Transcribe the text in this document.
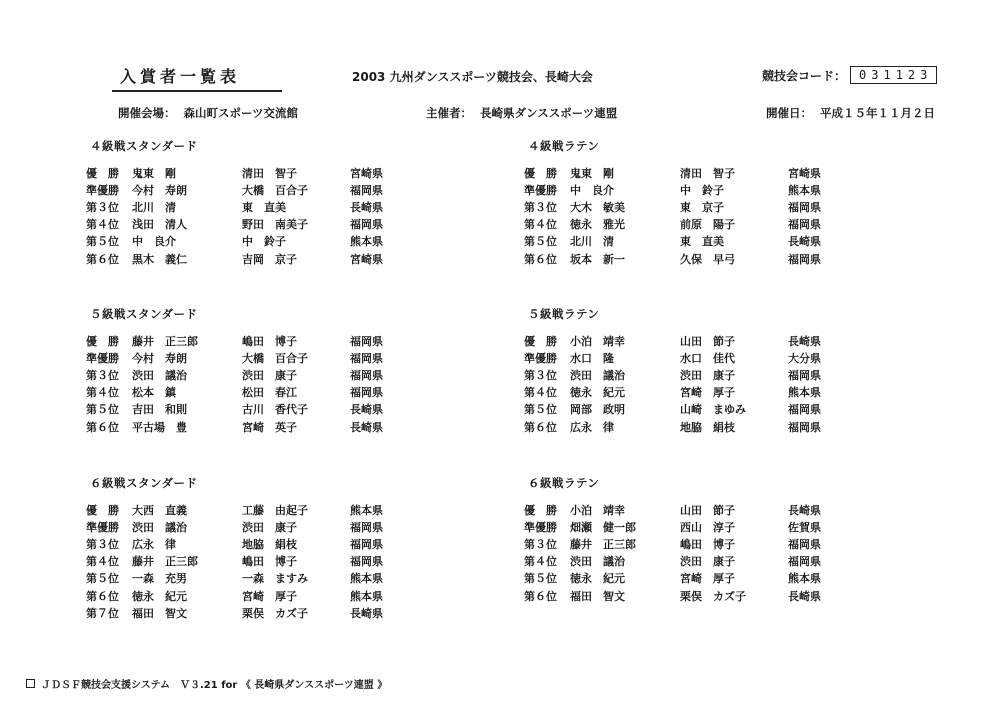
入賞者一覧表	2003 九州ダンススポーツ競技会、長崎大会	競技会コード：	031123
開催会場： 森山町スポーツ交流館	主催者： 長崎県ダンススポーツ連盟	開催日： 平成１５年１１月２日
４級戦スタンダード
優　勝	鬼東　剛	清田　智子	宮崎県
準優勝	今村　寿朗	大橋　百合子	福岡県
第３位	北川　清	東　直美	長崎県
第４位	浅田　清人	野田　南美子	福岡県
第５位	中　良介	中　鈴子	熊本県
第６位	黒木　義仁	吉岡　京子	宮崎県
４級戦ラテン
優　勝	鬼東　剛	清田　智子	宮崎県
準優勝	中　良介	中　鈴子	熊本県
第３位	大木　敏美	東　京子	福岡県
第４位	徳永　雅光	前原　陽子	福岡県
第５位	北川　清	東　直美	長崎県
第６位	坂本　新一	久保　早弓	福岡県
５級戦スタンダード
優　勝	藤井　正三郎	嶋田　博子	福岡県
準優勝	今村　寿朗	大橋　百合子	福岡県
第３位	渋田　議治	渋田　康子	福岡県
第４位	松本　鎮	松田　春江	福岡県
第５位	吉田　和則	古川　香代子	長崎県
第６位	平古場　豊	宮崎　英子	長崎県
５級戦ラテン
優　勝	小泊　靖幸	山田　節子	長崎県
準優勝	水口　隆	水口　佳代	大分県
第３位	渋田　議治	渋田　康子	福岡県
第４位	徳永　紀元	宮崎　厚子	熊本県
第５位	岡部　政明	山崎　まゆみ	福岡県
第６位	広永　律	地脇　絹枝	福岡県
６級戦スタンダード
優　勝	大西　直義	工藤　由起子	熊本県
準優勝	渋田　議治	渋田　康子	福岡県
第３位	広永　律	地脇　絹枝	福岡県
第４位	藤井　正三郎	嶋田　博子	福岡県
第５位	一森　充男	一森　ますみ	熊本県
第６位	徳永　紀元	宮崎　厚子	熊本県
第７位	福田　智文	栗俣　カズ子	長崎県
６級戦ラテン
優　勝	小泊　靖幸	山田　節子	長崎県
準優勝	畑瀬　健一郎	西山　淳子	佐賀県
第３位	藤井　正三郎	嶋田　博子	福岡県
第４位	渋田　議治	渋田　康子	福岡県
第５位	徳永　紀元	宮崎　厚子	熊本県
第６位	福田　智文	栗俣　カズ子	長崎県
ＪＤＳＦ競技会支援システム　Ｖ３.21 for 《 長崎県ダンススポーツ連盟 》
